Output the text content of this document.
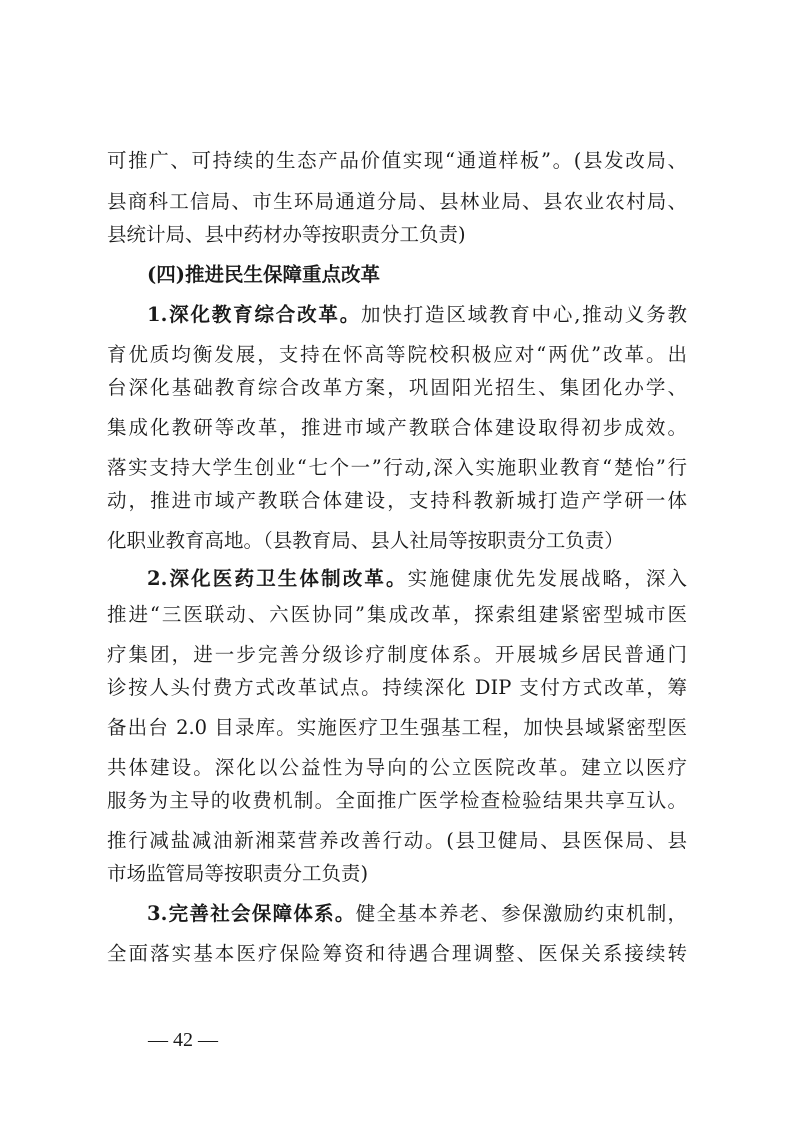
可推广、可持续的生态产品价值实现“通道样板”。(县发改局、
县商科工信局、市生环局通道分局、县林业局、县农业农村局、
县统计局、县中药材办等按职责分工负责)
(四)推进民生保障重点改革
1.深化教育综合改革。加快打造区域教育中心,推动义务教
育优质均衡发展，支持在怀高等院校积极应对“两优”改革。出
台深化基础教育综合改革方案，巩固阳光招生、集团化办学、
集成化教研等改革，推进市域产教联合体建设取得初步成效。
落实支持大学生创业“七个一”行动,深入实施职业教育“楚怡”行
动，推进市域产教联合体建设，支持科教新城打造产学研一体
化职业教育高地。（县教育局、县人社局等按职责分工负责）
2.深化医药卫生体制改革。实施健康优先发展战略，深入
推进“三医联动、六医协同”集成改革，探索组建紧密型城市医
疗集团，进一步完善分级诊疗制度体系。开展城乡居民普通门
诊按人头付费方式改革试点。持续深化 DIP 支付方式改革，筹
备出台 2.0 目录库。实施医疗卫生强基工程，加快县域紧密型医
共体建设。深化以公益性为导向的公立医院改革。建立以医疗
服务为主导的收费机制。全面推广医学检查检验结果共享互认。
推行减盐减油新湘菜营养改善行动。(县卫健局、县医保局、县
市场监管局等按职责分工负责)
3.完善社会保障体系。健全基本养老、参保激励约束机制，
全面落实基本医疗保险筹资和待遇合理调整、医保关系接续转
— 42 —
